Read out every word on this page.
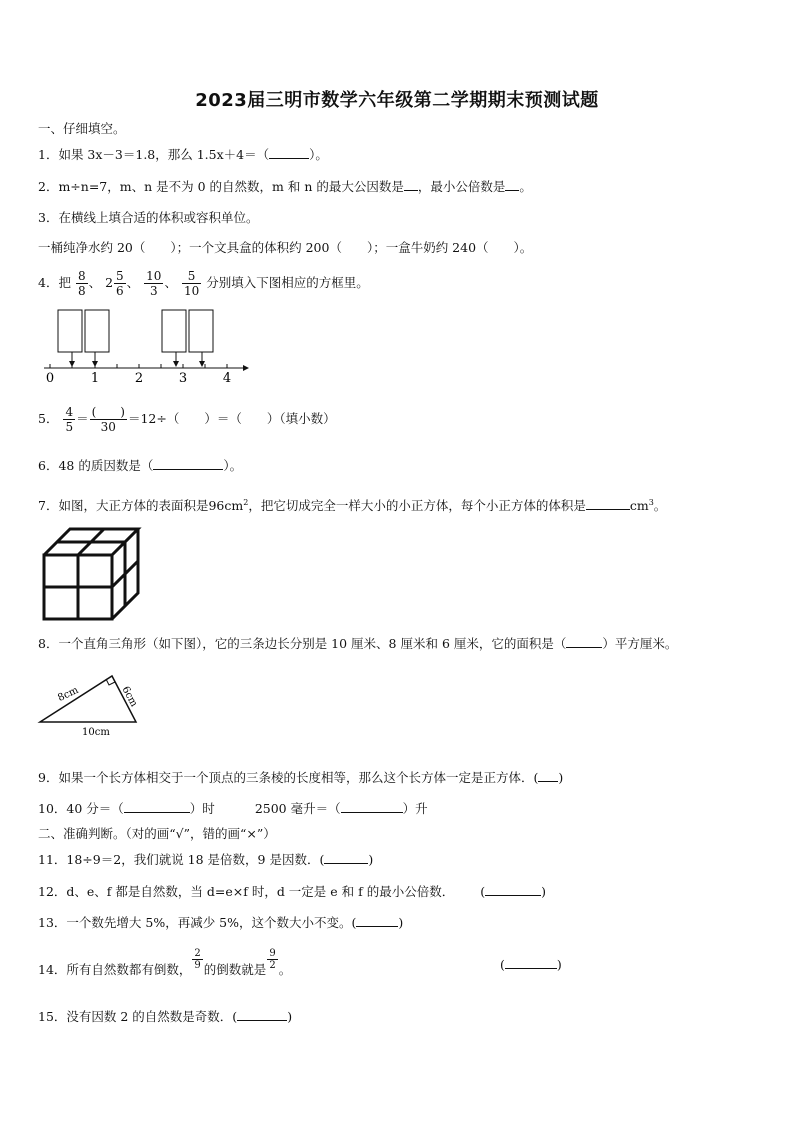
2023届三明市数学六年级第二学期期末预测试题
一、仔细填空。
1．如果 3x－3＝1.8，那么 1.5x＋4＝（	）。
2．m÷n=7，m、n 是不为 0 的自然数，m 和 n 的最大公因数是 ，最小公倍数是 。
3．在横线上填合适的体积或容积单位。
一桶纯净水约 20（　　）；一个文具盒的体积约 200（　　）；一盒牛奶约 240（　　）。
4．把 $\frac{8}{8}$ 、 $2 \frac{5}{6}$ 、 $\frac{10}{3}$ 、 $\frac{5}{10}$ 分别填入下图相应的方框里。
0	1	2	3	4
5． $\frac{4}{5} = \frac{( )}{30} =12\div$（　　）＝（　　）（填小数）
6．48 的质因数是（	）。
7．如图，大正方体的表面积是$96cm^2$，把它切成完全一样大小的小正方体，每个小正方体的体积是	$cm^3$。
8．一个直角三角形（如下图），它的三条边长分别是 10 厘米、8 厘米和 6 厘米，它的面积是（	）平方厘米。
8cm	6cm
10cm
9．如果一个长方体相交于一个顶点的三条棱的长度相等，那么这个长方体一定是正方体．( )
10．40 分＝（	）时	2500 毫升＝（	）升
二、准确判断。（对的画“√”，错的画“×”）
11．18÷9＝2，我们就说 18 是倍数，9 是因数．(	)
12．d、e、f 都是自然数，当 d=e×f 时，d 一定是 e 和 f 的最小公倍数． (	)
13．一个数先增大 5%，再减少 5%，这个数大小不变。(	)
14．所有自然数都有倒数， $\frac{2}{9}$ 的倒数就是 $\frac{9}{2}$ 。	(	)
15．没有因数 2 的自然数是奇数．(	)
